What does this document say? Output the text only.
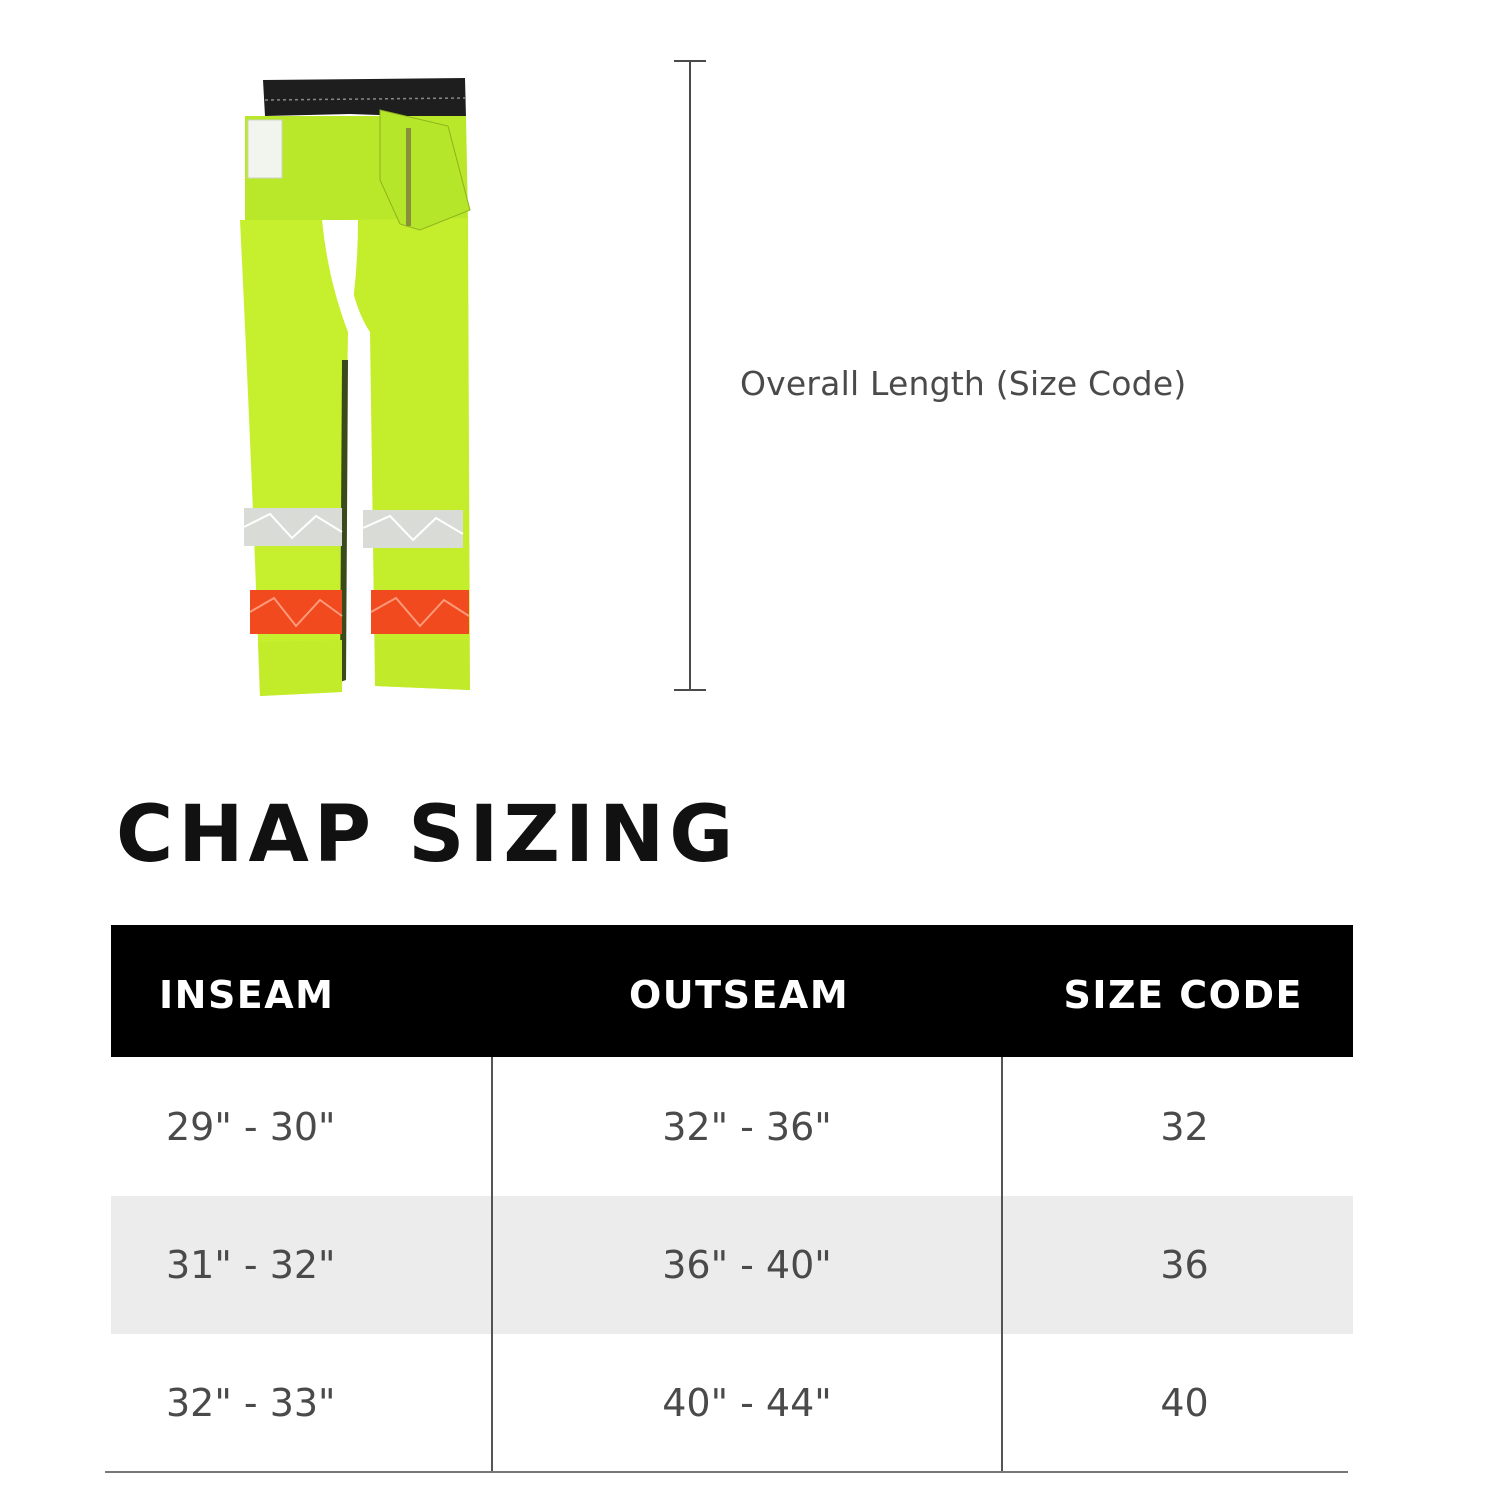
Overall Length (Size Code)
CHAP SIZING
INSEAM	OUTSEAM	SIZE CODE
29" - 30"	32" - 36"	32
31" - 32"	36" - 40"	36
32" - 33"	40" - 44"	40
